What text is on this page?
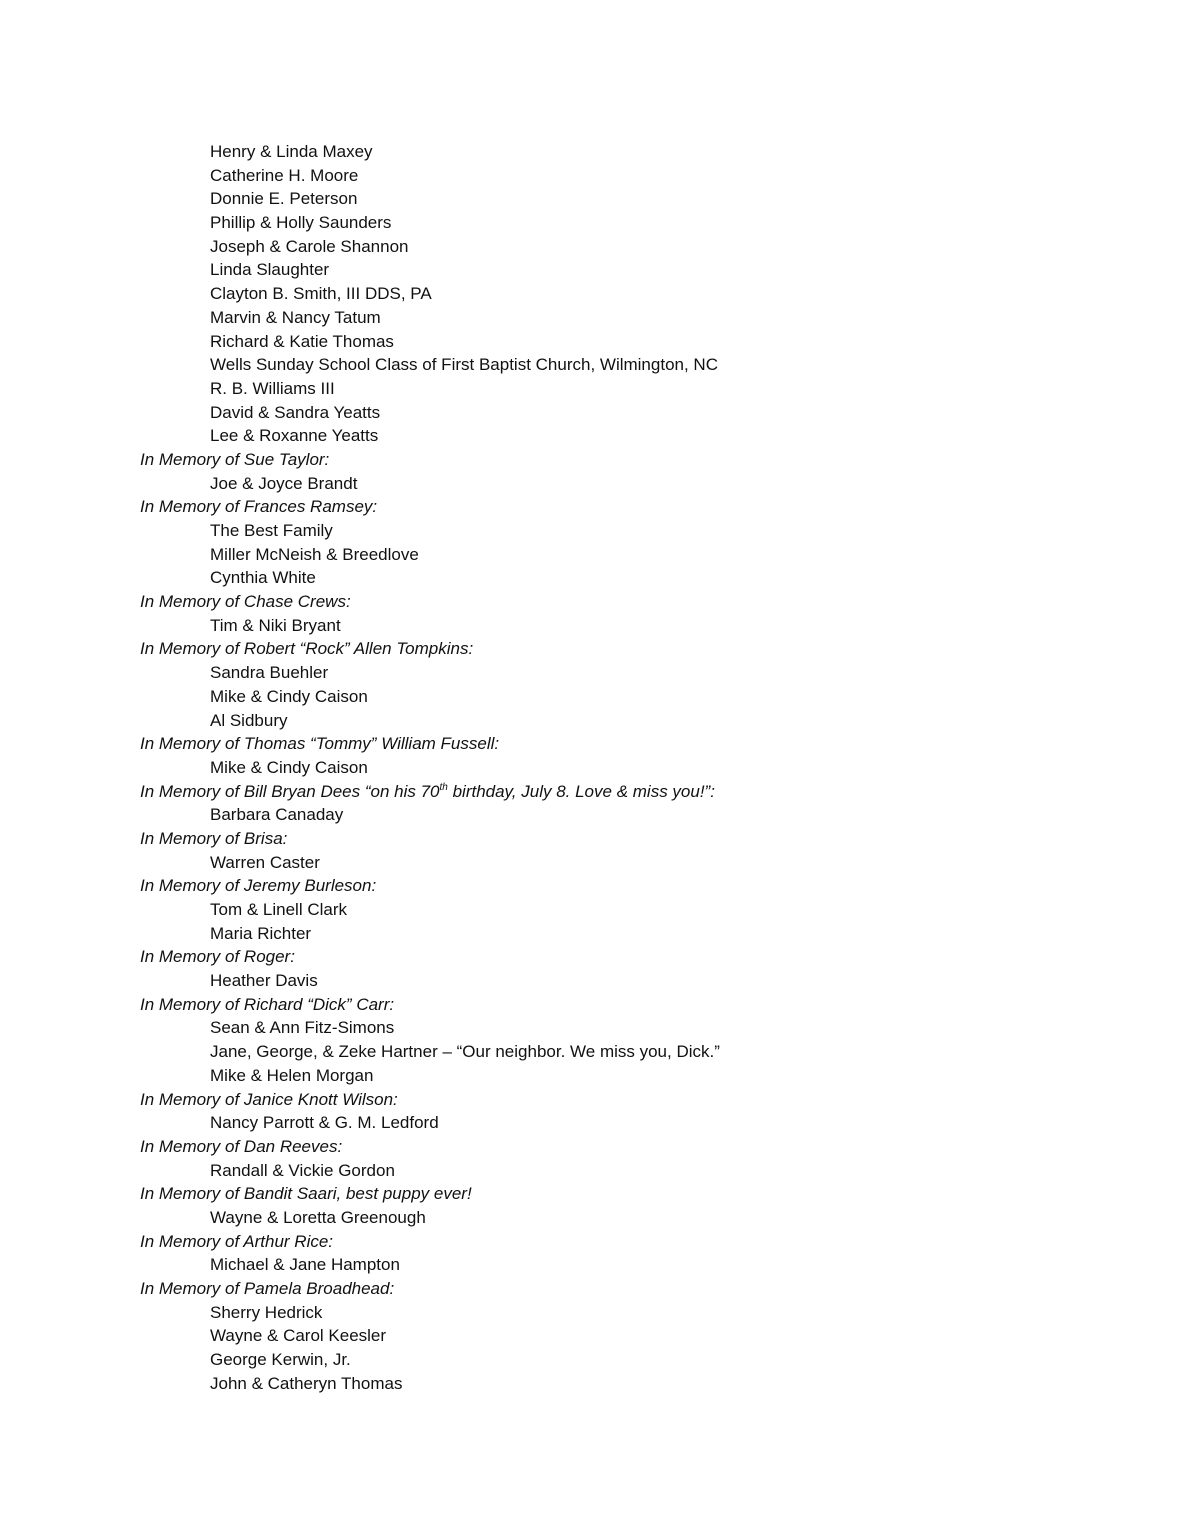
Henry & Linda Maxey
Catherine H. Moore
Donnie E. Peterson
Phillip & Holly Saunders
Joseph & Carole Shannon
Linda Slaughter
Clayton B. Smith, III DDS, PA
Marvin & Nancy Tatum
Richard & Katie Thomas
Wells Sunday School Class of First Baptist Church, Wilmington, NC
R. B. Williams III
David & Sandra Yeatts
Lee & Roxanne Yeatts
In Memory of Sue Taylor:
Joe & Joyce Brandt
In Memory of Frances Ramsey:
The Best Family
Miller McNeish & Breedlove
Cynthia White
In Memory of Chase Crews:
Tim & Niki Bryant
In Memory of Robert “Rock” Allen Tompkins:
Sandra Buehler
Mike & Cindy Caison
Al Sidbury
In Memory of Thomas “Tommy” William Fussell:
Mike & Cindy Caison
In Memory of Bill Bryan Dees “on his 70th birthday, July 8. Love & miss you!”:
Barbara Canaday
In Memory of Brisa:
Warren Caster
In Memory of Jeremy Burleson:
Tom & Linell Clark
Maria Richter
In Memory of Roger:
Heather Davis
In Memory of Richard “Dick” Carr:
Sean & Ann Fitz-Simons
Jane, George, & Zeke Hartner – “Our neighbor. We miss you, Dick.”
Mike & Helen Morgan
In Memory of Janice Knott Wilson:
Nancy Parrott & G. M. Ledford
In Memory of Dan Reeves:
Randall & Vickie Gordon
In Memory of Bandit Saari, best puppy ever!
Wayne & Loretta Greenough
In Memory of Arthur Rice:
Michael & Jane Hampton
In Memory of Pamela Broadhead:
Sherry Hedrick
Wayne & Carol Keesler
George Kerwin, Jr.
John & Catheryn Thomas
